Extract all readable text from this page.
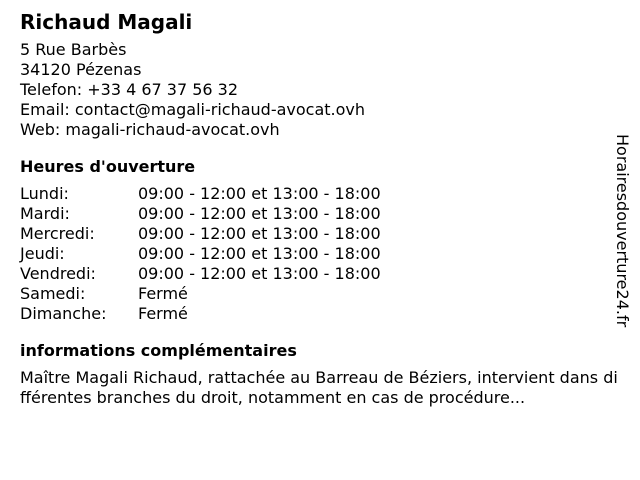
Richaud Magali
5 Rue Barbès
34120 Pézenas
Telefon: +33 4 67 37 56 32
Email: contact@magali-richaud-avocat.ovh
Web: magali-richaud-avocat.ovh
Heures d'ouverture
Lundi:	09:00 - 12:00 et 13:00 - 18:00
Mardi:	09:00 - 12:00 et 13:00 - 18:00
Mercredi:	09:00 - 12:00 et 13:00 - 18:00
Jeudi:	09:00 - 12:00 et 13:00 - 18:00
Vendredi:	09:00 - 12:00 et 13:00 - 18:00
Samedi:	Fermé
Dimanche:	Fermé
informations complémentaires
Maître Magali Richaud, rattachée au Barreau de Béziers, intervient dans différentes branches du droit, notamment en cas de procédure...
Horairesdouverture24.fr
